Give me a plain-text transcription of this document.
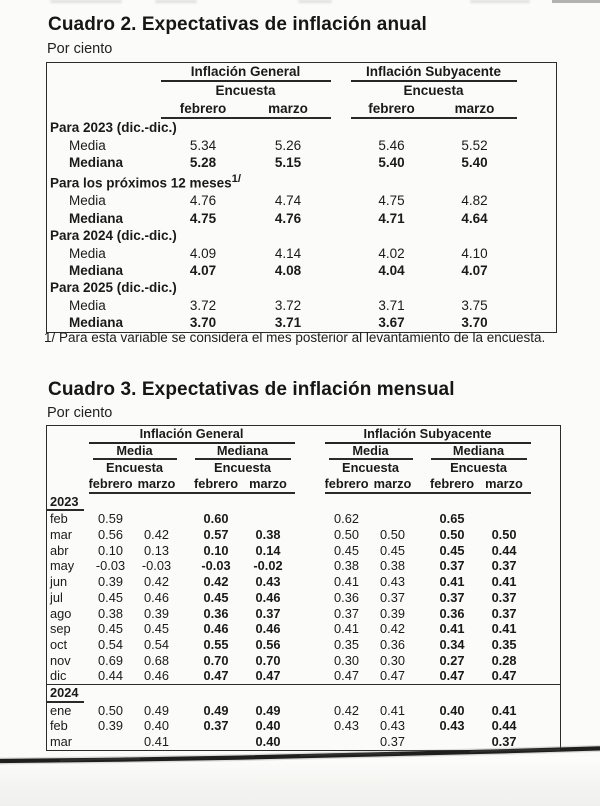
Cuadro 2. Expectativas de inflación anual
Por ciento
	Inflación General			Inflación Subyacente		
	Encuesta			Encuesta		
	febrero	marzo		febrero	marzo	
Para 2023 (dic.-dic.)						
Media	5.34	5.26		5.46	5.52	
Mediana	5.28	5.15		5.40	5.40	
Para los próximos 12 meses$^{1/}$
Media	4.76	4.74		4.75	4.82	
Mediana	4.75	4.76		4.71	4.64	
Para 2024 (dic.-dic.)						
Media	4.09	4.14		4.02	4.10	
Mediana	4.07	4.08		4.04	4.07	
Para 2025 (dic.-dic.)						
Media	3.72	3.72		3.71	3.75	
Mediana	3.70	3.71		3.67	3.70	
1/ Para esta variable se considera el mes posterior al levantamiento de la encuesta.
Cuadro 3. Expectativas de inflación mensual
Por ciento
	Inflación General						Inflación Subyacente					

	Media			Mediana			Media			Mediana		

	Encuesta			Encuesta			Encuesta			Encuesta		
	febrero	marzo		febrero	marzo		febrero	marzo		febrero	marzo	
2023												
feb	0.59			0.60			0.62			0.65		
mar	0.56	0.42		0.57	0.38		0.50	0.50		0.50	0.50	
abr	0.10	0.13		0.10	0.14		0.45	0.45		0.45	0.44	
may	-0.03	-0.03		-0.03	-0.02		0.38	0.38		0.37	0.37	
jun	0.39	0.42		0.42	0.43		0.41	0.43		0.41	0.41	
jul	0.45	0.46		0.45	0.46		0.36	0.37		0.37	0.37	
ago	0.38	0.39		0.36	0.37		0.37	0.39		0.36	0.37	
sep	0.45	0.45		0.46	0.46		0.41	0.42		0.41	0.41	
oct	0.54	0.54		0.55	0.56		0.35	0.36		0.34	0.35	
nov	0.69	0.68		0.70	0.70		0.30	0.30		0.27	0.28	
dic	0.44	0.46		0.47	0.47		0.47	0.47		0.47	0.47	
2024												
ene	0.50	0.49		0.49	0.49		0.42	0.41		0.40	0.41	
feb	0.39	0.40		0.37	0.40		0.43	0.43		0.43	0.44	
mar		0.41			0.40			0.37			0.37	
